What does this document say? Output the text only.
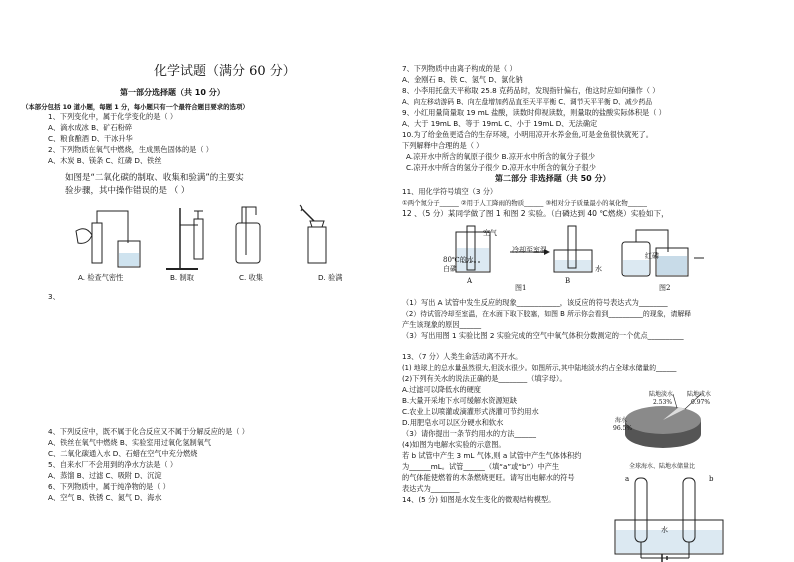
化学试题（满分 60 分）
第一部分选择题（共 10 分）
（本部分包括 10 道小题，每题 1 分，每小题只有一个最符合题目要求的选项）
1、下列变化中，属于化学变化的是（ ）
A、滴水成冰 B、矿石粉碎
C、粮食酿酒 D、干冰升华
2、下列物质在氧气中燃烧，生成黑色固体的是（ ）
A、木炭 B、镁条 C、红磷 D、铁丝
如图是“二氧化碳的制取、收集和验满”的主要实
验步骤，其中操作错误的是 （ ）
A. 检查气密性	B. 制取	C. 收集	D. 验满
3、
4、下列反应中，既不属于化合反应又不属于分解反应的是（ ）
A、铁丝在氧气中燃烧 B、实验室用过氧化氢制氧气
C、二氧化碳通入水 D、石蜡在空气中充分燃烧
5、自来水厂不会用到的净水方法是（ ）
A、蒸馏 B、过滤 C、吸附 D、沉淀
6、下列物质中，属于纯净物的是（ ）
A、空气 B、铁锈 C、氮气 D、海水
7、下列物质中由离子构成的是（ ）
A、金刚石 B、铁 C、氢气 D、氯化钠
8、小李用托盘天平称取 25.8 克药品时，发现指针偏右，他这时应如何操作（ ）
A、向左移动游码 B、向左盘增加药品直至天平平衡 C、调节天平平衡 D、减少药品
9、小红用量筒量取 19 mL 盐酸，读数时仰视读数，则量取的盐酸实际体积是（ ）
A、大于 19mL B、等于 19mL C、小于 19mL D、无法确定
10.为了给金鱼更适合的生存环境，小明用凉开水养金鱼,可是金鱼很快就死了。
下列解释中合理的是（ ）
A.凉开水中所含的氧原子很少 B.凉开水中所含的氧分子很少
C.凉开水中所含的氢分子很少 D.凉开水中所含的氧分子很少
第二部分 非选择题（共 50 分）
11、用化学符号填空（3 分）
①两个氮分子______ ②用于人工降雨的物质______ ③相对分子质量最小的氧化物______
12 、（5 分）某同学做了图 1 和图 2 实验。（白磷达到 40 ℃燃烧）实验如下，
空气
80℃的水
白磷
冷却至室温
水
红磷
A	B
图1	图2
（1）写出 A 试管中发生反应的现象____________，该反应的符号表达式为________
（2）待试管冷却至室温，在水面下取下胶塞，如图 B 所示你会看到__________的现象，请解释
产生该现象的原因______
（3）写出用图 1 实验比图 2 实验完成的空气中氧气体积分数测定的一个优点__________
13、（7 分）人类生命活动离不开水。
(1) 地球上的总水量虽然很大,但淡水很少。如图所示,其中陆地淡水约占全球水储量的______
(2)下列有关水的说法正确的是________（填字母）。
A.过滤可以降低水的硬度
B.大量开采地下水可缓解水资源短缺
C.农业上以喷灌或滴灌形式浇灌可节约用水
D.用肥皂水可以区分硬水和软水
（3）请你提出一条节约用水的方法______
(4)如图为电解水实验的示意图。
若 b 试管中产生 3 mL 气体,则 a 试管中产生气体体积约
为______mL。试管______（填“a”或“b”）中产生
的气体能使燃着的木条燃烧更旺。请写出电解水的符号
表达式为________
14、(5 分) 如图是水发生变化的微观结构模型。
陆地淡水
2.53%
陆地咸水
0.97%
海水
96.5%
全球海水、陆地水储量比
a	b
水
